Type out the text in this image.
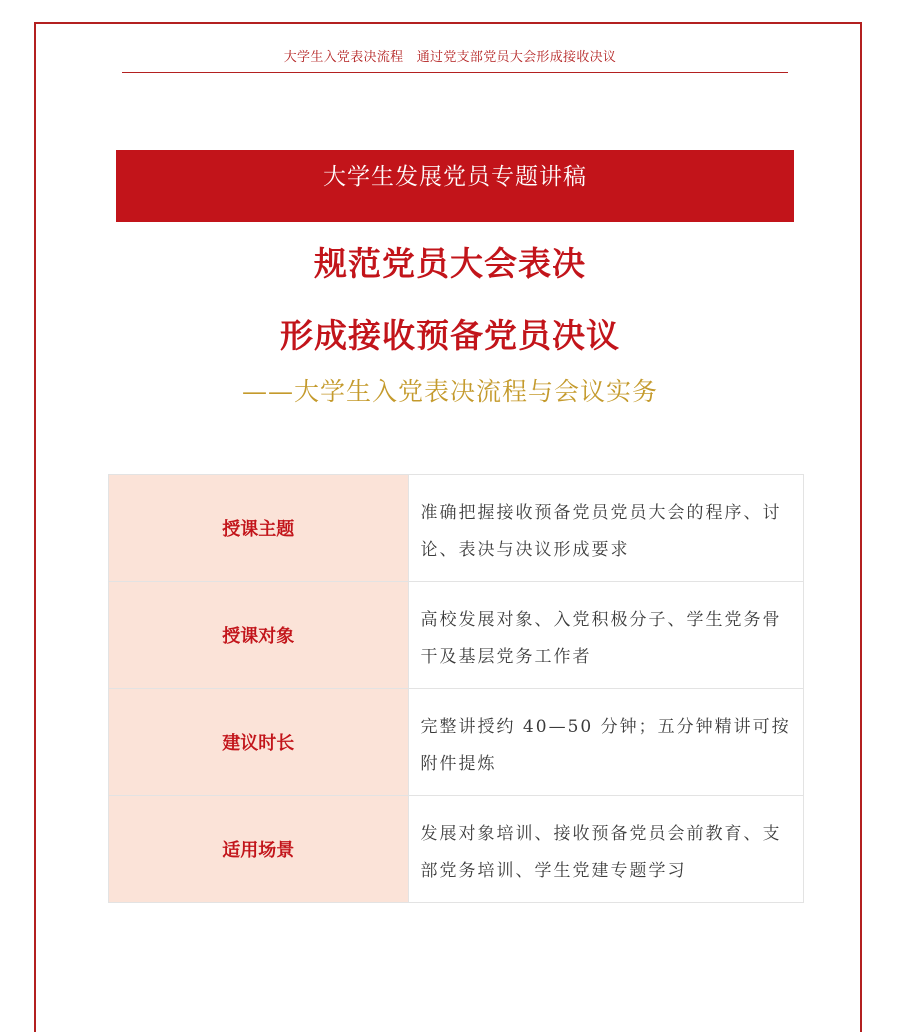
大学生入党表决流程　通过党支部党员大会形成接收决议
大学生发展党员专题讲稿
规范党员大会表决
形成接收预备党员决议
——大学生入党表决流程与会议实务
授课主题	准确把握接收预备党员党员大会的程序、讨论、表决与决议形成要求

授课对象	高校发展对象、入党积极分子、学生党务骨干及基层党务工作者

建议时长	完整讲授约 40—50 分钟；五分钟精讲可按附件提炼

适用场景	发展对象培训、接收预备党员会前教育、支部党务培训、学生党建专题学习
